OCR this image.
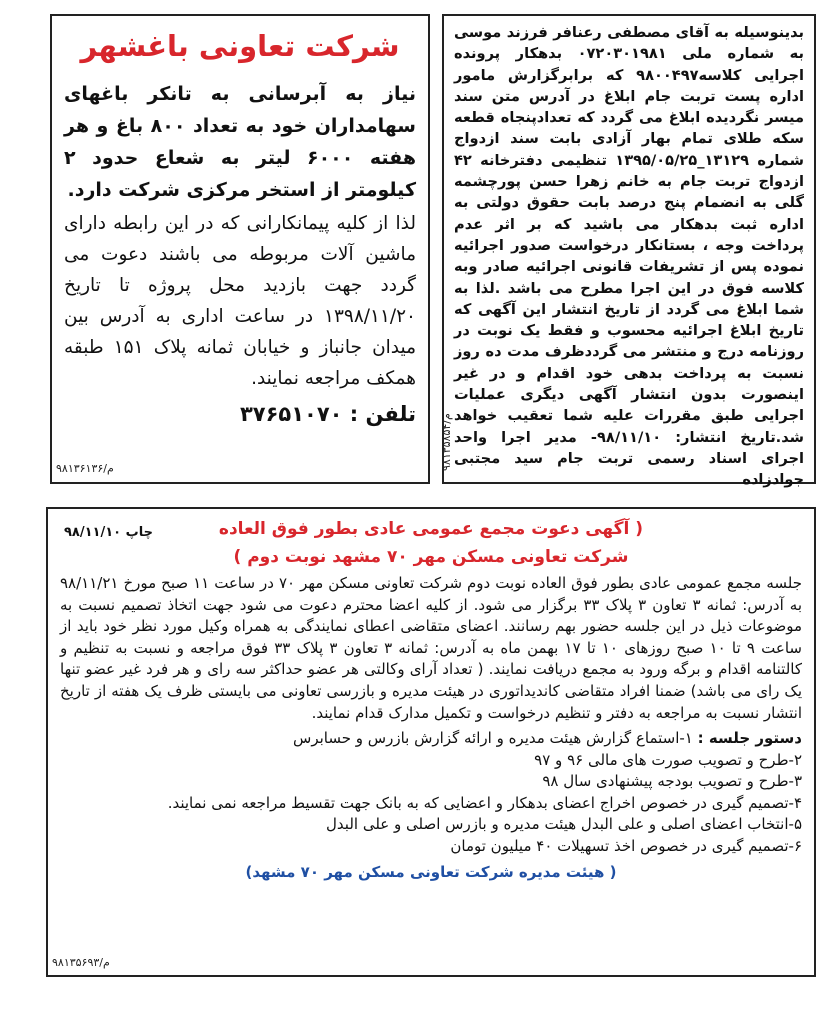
بدینوسیله به آقای مصطفی رعنافر فرزند موسی به شماره ملی ۰۷۲۰۳۰۱۹۸۱ بدهکار پرونده اجرایی کلاسه۹۸۰۰۴۹۷ که برابرگزارش مامور اداره پست تربت جام ابلاغ در آدرس متن سند میسر نگردیده ابلاغ می گردد که تعدادپنجاه قطعه سکه طلای تمام بهار آزادی بابت سند ازدواج شماره ۱۳۱۲۹_۱۳۹۵/۰۵/۲۵ تنظیمی دفترخانه ۴۲ ازدواج تربت جام به خانم زهرا حسن پورچشمه گلی به انضمام پنج درصد بابت حقوق دولتی به اداره ثبت بدهکار می باشید که بر اثر عدم پرداخت وجه ، بستانکار درخواست صدور اجرائیه نموده پس از تشریفات قانونی اجرائیه صادر وبه کلاسه فوق در این اجرا مطرح می باشد .لذا به شما ابلاغ می گردد از تاریخ انتشار این آگهی که تاریخ ابلاغ اجرائیه محسوب و فقط یک نوبت در روزنامه درج و منتشر می گرددظرف مدت ده روز نسبت به پرداخت بدهی خود اقدام و در غیر اینصورت بدون انتشار آگهی دیگری عملیات اجرایی طبق مقررات علیه شما تعقیب خواهد شد.تاریخ انتشار: ۹۸/۱۱/۱۰- مدیر اجرا واحد اجرای اسناد رسمی تربت جام سید مجتبی جوادزاده

م/۹۸۱۳۵۸۵۴
شرکت تعاونی باغشهر

نیاز به آبرسانی به تانکر باغهای سهامداران خود به تعداد ۸۰۰ باغ و هر هفته ۶۰۰۰ لیتر به شعاع حدود ۲ کیلومتر از استخر مرکزی شرکت دارد.

لذا از کلیه پیمانکارانی که در این رابطه دارای ماشین آلات مربوطه می باشند دعوت می گردد جهت بازدید محل پروژه تا تاریخ ۱۳۹۸/۱۱/۲۰ در ساعت اداری به آدرس بین میدان جانباز و خیابان ثمانه پلاک ۱۵۱ طبقه همکف مراجعه نمایند.

تلفن : ۳۷۶۵۱۰۷۰
م/۹۸۱۳۶۱۳۶
( آگهی دعوت مجمع عمومی عادی بطور فوق العاده
شرکت تعاونی مسکن مهر ۷۰ مشهد نوبت دوم )
چاپ ۹۸/۱۱/۱۰

جلسه مجمع عمومی عادی بطور فوق العاده نوبت دوم شرکت تعاونی مسکن مهر ۷۰ در ساعت ۱۱ صبح مورخ ۹۸/۱۱/۲۱ به آدرس: ثمانه ۳ تعاون ۳ پلاک ۳۳ برگزار می شود. از کلیه اعضا محترم دعوت می شود جهت اتخاذ تصمیم نسبت به موضوعات ذیل در این جلسه حضور بهم رسانند. اعضای متقاضی اعطای نمایندگی به همراه وکیل مورد نظر خود باید از ساعت ۹ تا ۱۰ صبح روزهای ۱۰ تا ۱۷ بهمن ماه به آدرس: ثمانه ۳ تعاون ۳ پلاک ۳۳ فوق مراجعه و نسبت به تنظیم و کالتنامه اقدام و برگه ورود به مجمع دریافت نمایند. ( تعداد آرای وکالتی هر عضو حداکثر سه رای و هر فرد غیر عضو تنها یک رای می باشد) ضمنا افراد متقاضی کاندیداتوری در هیئت مدیره و بازرسی تعاونی می بایستی ظرف یک هفته از تاریخ انتشار نسبت به مراجعه به دفتر و تنظیم درخواست و تکمیل مدارک قدام نمایند.

دستور جلسه : ۱-استماع گزارش هیئت مدیره و ارائه گزارش بازرس و حسابرس
۲-طرح و تصویب صورت های مالی ۹۶ و ۹۷
۳-طرح و تصویب بودجه پیشنهادی سال ۹۸
۴-تصمیم گیری در خصوص اخراج اعضای بدهکار و اعضایی که به بانک جهت تقسیط مراجعه نمی نمایند.
۵-انتخاب اعضای اصلی و علی البدل هیئت مدیره و بازرس اصلی و علی البدل
۶-تصمیم گیری در خصوص اخذ تسهیلات ۴۰ میلیون تومان
( هیئت مدیره شرکت تعاونی مسکن مهر ۷۰ مشهد)
م/۹۸۱۳۵۶۹۳
